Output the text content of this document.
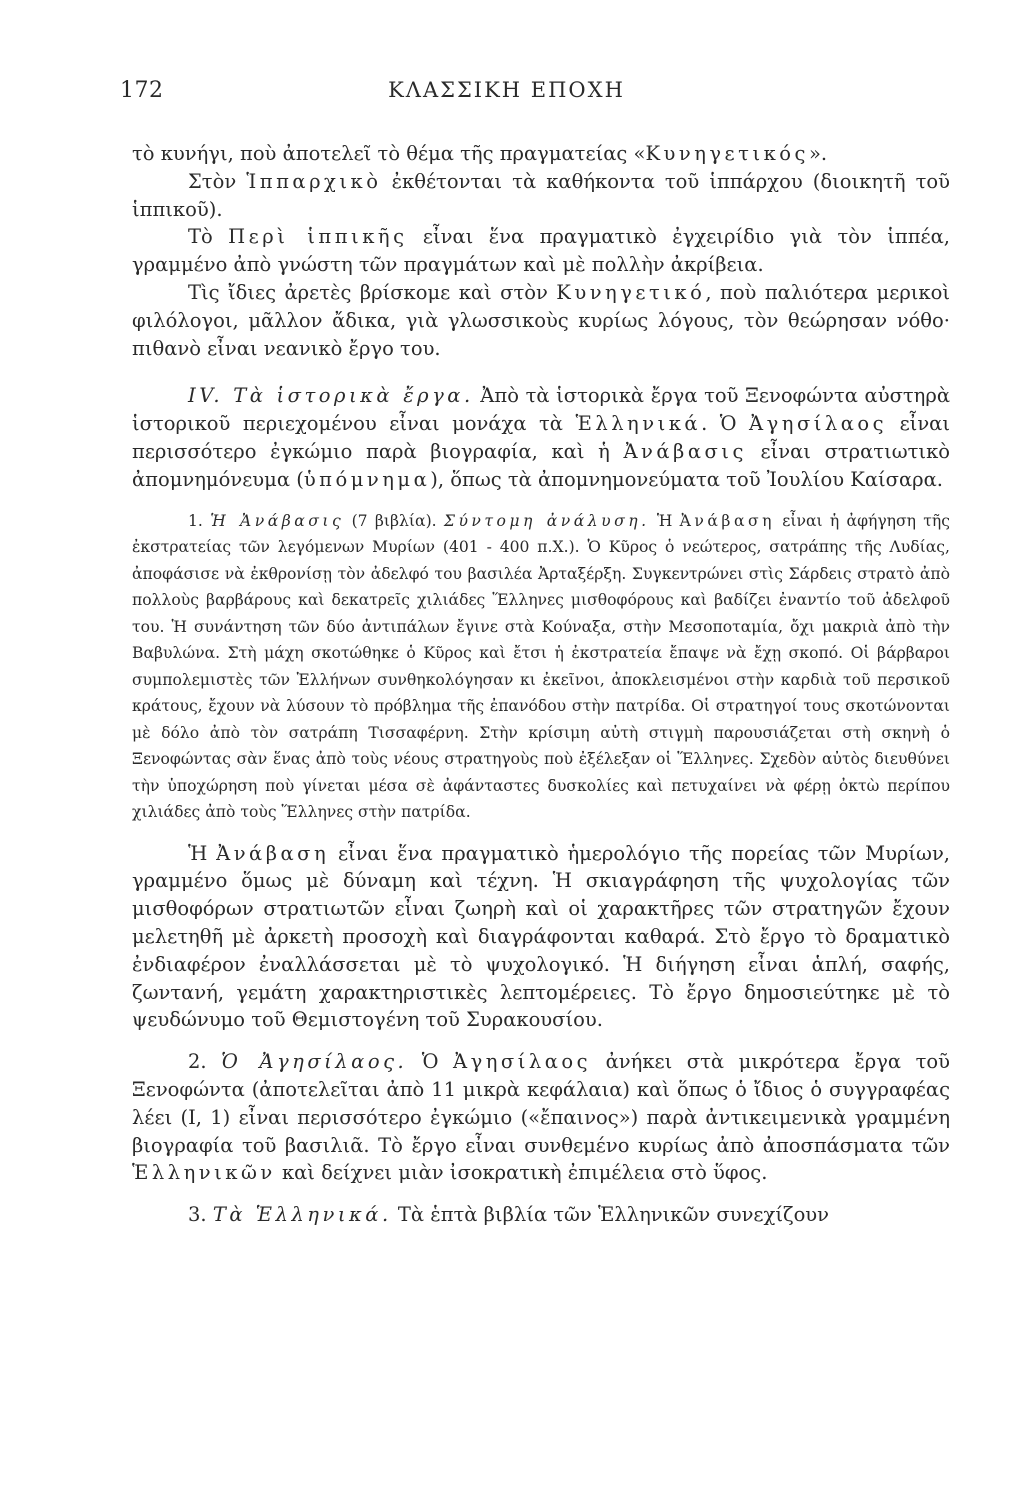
172	ΚΛΑΣΣΙΚΗ ΕΠΟΧΗ

τὸ κυνήγι, ποὺ ἀποτελεῖ τὸ θέμα τῆς πραγματείας «Κυνηγετικός».

Στὸν Ἱππαρχικὸ ἐκθέτονται τὰ καθήκοντα τοῦ ἱππάρχου (διοικητῆ τοῦ ἱππικοῦ).

Τὸ Περὶ ἱππικῆς εἶναι ἕνα πραγματικὸ ἐγχειρίδιο γιὰ τὸν ἱππέα, γραμμένο ἀπὸ γνώστη τῶν πραγμάτων καὶ μὲ πολλὴν ἀκρίβεια.

Τὶς ἴδιες ἀρετὲς βρίσκομε καὶ στὸν Κυνηγετικό, ποὺ παλιότερα μερικοὶ φιλόλογοι, μᾶλλον ἄδικα, γιὰ γλωσσικοὺς κυρίως λόγους, τὸν θεώρησαν νόθο· πιθανὸ εἶναι νεανικὸ ἔργο του.

IV. Τὰ ἱστορικὰ ἔργα. Ἀπὸ τὰ ἱστορικὰ ἔργα τοῦ Ξενοφώντα αὐστηρὰ ἱστορικοῦ περιεχομένου εἶναι μονάχα τὰ Ἑλληνικά. Ὁ Ἀγησίλαος εἶναι περισσότερο ἐγκώμιο παρὰ βιογραφία, καὶ ἡ Ἀνάβασις εἶναι στρατιωτικὸ ἀπομνημόνευμα (ὑπόμνημα), ὅπως τὰ ἀπομνημονεύματα τοῦ Ἰουλίου Καίσαρα.

1. Ἡ Ἀνάβασις (7 βιβλία). Σύντομη ἀνάλυση. Ἡ Ἀνάβαση εἶναι ἡ ἀφήγηση τῆς ἐκστρατείας τῶν λεγόμενων Μυρίων (401 - 400 π.Χ.). Ὁ Κῦρος ὁ νεώτερος, σατράπης τῆς Λυδίας, ἀποφάσισε νὰ ἐκθρονίσῃ τὸν ἀδελφό του βασιλέα Ἀρταξέρξη. Συγκεντρώνει στὶς Σάρδεις στρατὸ ἀπὸ πολλοὺς βαρβάρους καὶ δεκατρεῖς χιλιάδες Ἕλληνες μισθοφόρους καὶ βαδίζει ἐναντίο τοῦ ἀδελφοῦ του. Ἡ συνάντηση τῶν δύο ἀντιπάλων ἔγινε στὰ Κούναξα, στὴν Μεσοποταμία, ὄχι μακριὰ ἀπὸ τὴν Βαβυλώνα. Στὴ μάχη σκοτώθηκε ὁ Κῦρος καὶ ἔτσι ἡ ἐκστρατεία ἔπαψε νὰ ἔχῃ σκοπό. Οἱ βάρβαροι συμπολεμιστὲς τῶν Ἑλλήνων συνθηκολόγησαν κι ἐκεῖνοι, ἀποκλεισμένοι στὴν καρδιὰ τοῦ περσικοῦ κράτους, ἔχουν νὰ λύσουν τὸ πρόβλημα τῆς ἐπανόδου στὴν πατρίδα. Οἱ στρατηγοί τους σκοτώνονται μὲ δόλο ἀπὸ τὸν σατράπη Τισσαφέρνη. Στὴν κρίσιμη αὐτὴ στιγμὴ παρουσιάζεται στὴ σκηνὴ ὁ Ξενοφώντας σὰν ἕνας ἀπὸ τοὺς νέους στρατηγοὺς ποὺ ἐξέλεξαν οἱ Ἕλληνες. Σχεδὸν αὐτὸς διευθύνει τὴν ὑποχώρηση ποὺ γίνεται μέσα σὲ ἀφάνταστες δυσκολίες καὶ πετυχαίνει νὰ φέρῃ ὀκτὼ περίπου χιλιάδες ἀπὸ τοὺς Ἕλληνες στὴν πατρίδα.

Ἡ Ἀνάβαση εἶναι ἕνα πραγματικὸ ἡμερολόγιο τῆς πορείας τῶν Μυρίων, γραμμένο ὅμως μὲ δύναμη καὶ τέχνη. Ἡ σκιαγράφηση τῆς ψυχολογίας τῶν μισθοφόρων στρατιωτῶν εἶναι ζωηρὴ καὶ οἱ χαρακτῆρες τῶν στρατηγῶν ἔχουν μελετηθῆ μὲ ἀρκετὴ προσοχὴ καὶ διαγράφονται καθαρά. Στὸ ἔργο τὸ δραματικὸ ἐνδιαφέρον ἐναλλάσσεται μὲ τὸ ψυχολογικό. Ἡ διήγηση εἶναι ἁπλή, σαφής, ζωντανή, γεμάτη χαρακτηριστικὲς λεπτομέρειες. Τὸ ἔργο δημοσιεύτηκε μὲ τὸ ψευδώνυμο τοῦ Θεμιστογένη τοῦ Συρακουσίου.

2. Ὁ Ἀγησίλαος. Ὁ Ἀγησίλαος ἀνήκει στὰ μικρότερα ἔργα τοῦ Ξενοφώντα (ἀποτελεῖται ἀπὸ 11 μικρὰ κεφάλαια) καὶ ὅπως ὁ ἴδιος ὁ συγγραφέας λέει (Ι, 1) εἶναι περισσότερο ἐγκώμιο («ἔπαινος») παρὰ ἀντικειμενικὰ γραμμένη βιογραφία τοῦ βασιλιᾶ. Τὸ ἔργο εἶναι συνθεμένο κυρίως ἀπὸ ἀποσπάσματα τῶν Ἑλληνικῶν καὶ δείχνει μιὰν ἰσοκρατικὴ ἐπιμέλεια στὸ ὕφος.

3. Τὰ Ἑλληνικά. Τὰ ἑπτὰ βιβλία τῶν Ἑλληνικῶν συνεχίζουν
